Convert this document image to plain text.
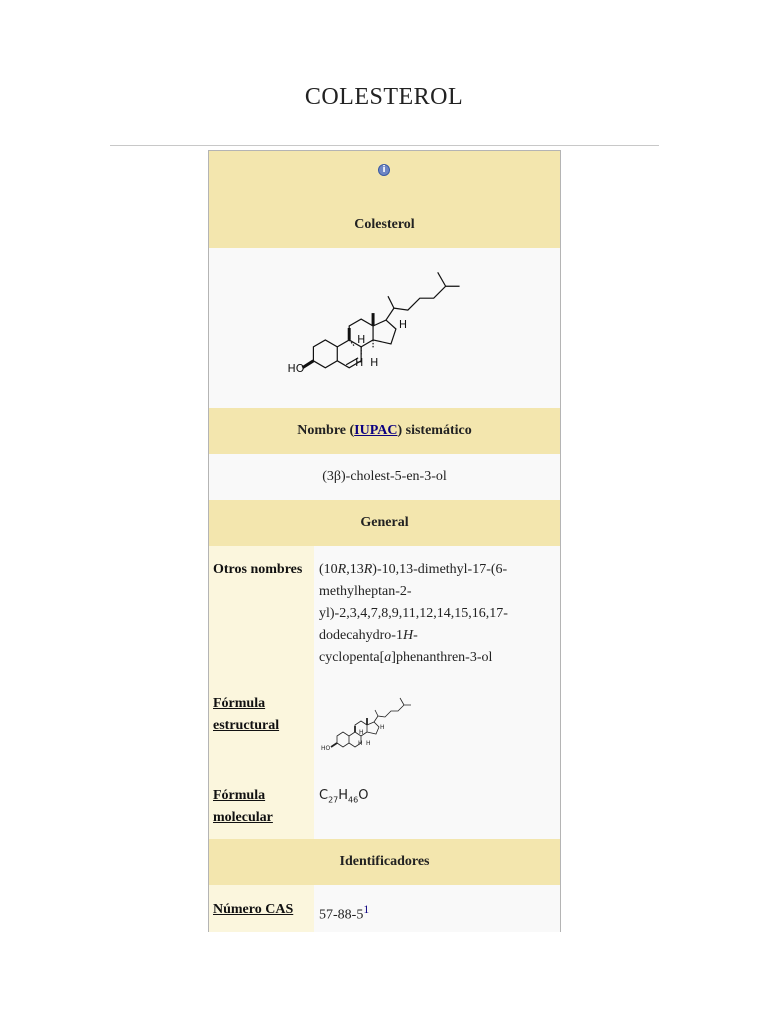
COLESTEROL
i
Colesterol
HO
H
H H
H
Nombre ( IUPAC ) sistemático
(3β)-cholest-5-en-3-ol
General
Otros nombres	(10R,13R)-10,13-dimethyl-17-(6-methylheptan-2-yl)-2,3,4,7,8,9,11,12,14,15,16,17-dodecahydro-1H-cyclopenta[a]phenanthren-3-ol
Fórmula estructural
HO
H
H H
H
Fórmula molecular
$C_{27}H_{46}O$
Identificadores
Número CAS	$57-88-5^1$
